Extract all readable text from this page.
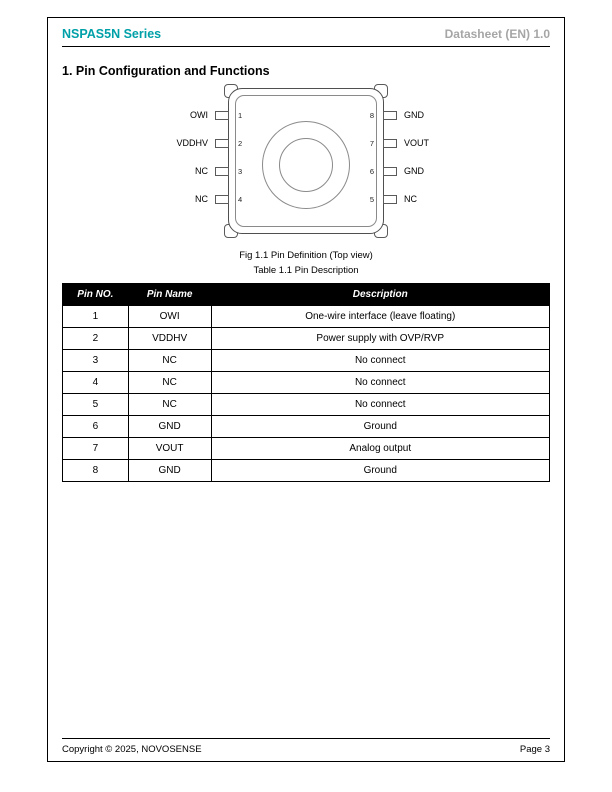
NSPAS5N Series	Datasheet (EN) 1.0
1. Pin Configuration and Functions
1
2
3
4
8
7
6
5
OWI
VDDHV
NC
NC
GND
VOUT
GND
NC
Fig 1.1 Pin Definition (Top view)
Table 1.1 Pin Description
Pin NO.	Pin Name	Description
1	OWI	One-wire interface (leave floating)
2	VDDHV	Power supply with OVP/RVP
3	NC	No connect
4	NC	No connect
5	NC	No connect
6	GND	Ground
7	VOUT	Analog output
8	GND	Ground
Copyright © 2025, NOVOSENSE	Page 3
